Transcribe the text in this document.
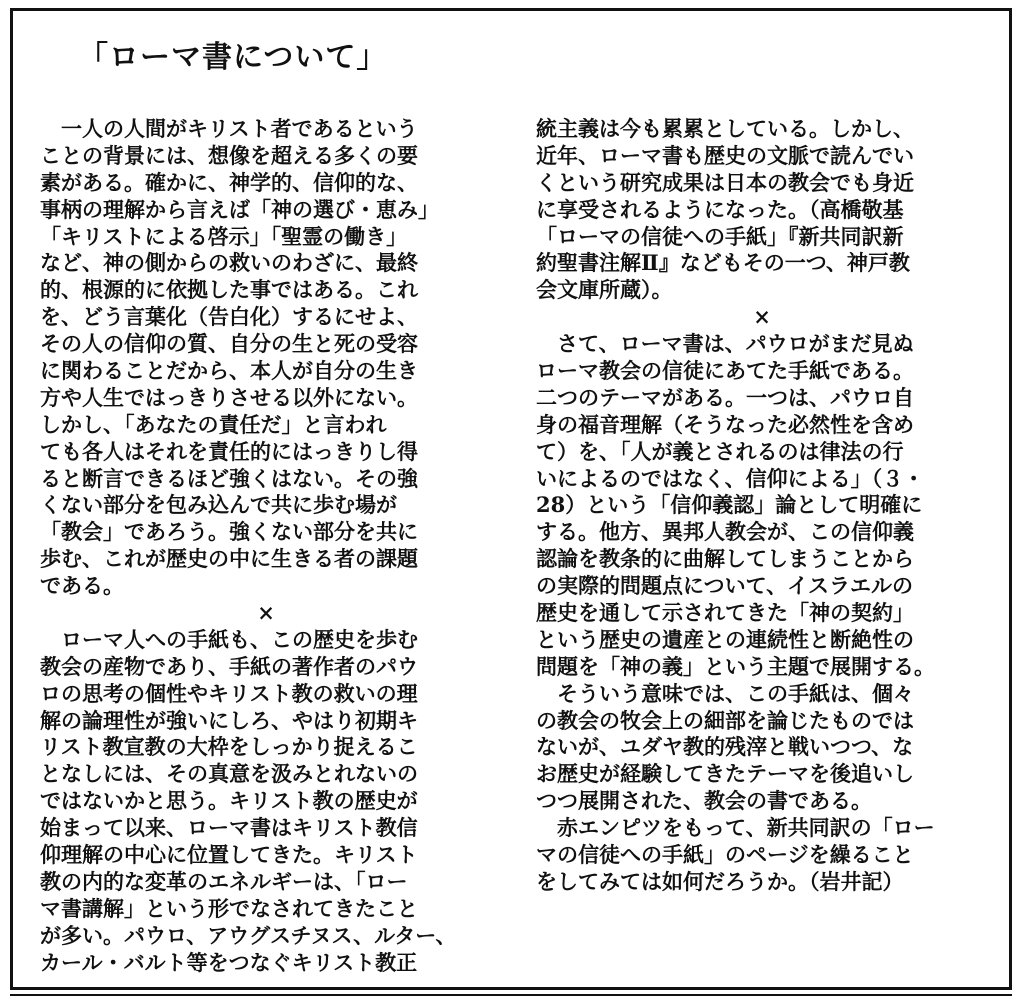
「ローマ書について」
　一人の人間がキリスト者であるという
ことの背景には、想像を超える多くの要
素がある。確かに、神学的、信仰的な、
事柄の理解から言えば「神の選び・恵み」
「キリストによる啓示」「聖霊の働き」
など、神の側からの救いのわざに、最終
的、根源的に依拠した事ではある。これ
を、どう言葉化（告白化）するにせよ、
その人の信仰の質、自分の生と死の受容
に関わることだから、本人が自分の生き
方や人生ではっきりさせる以外にない。
しかし、「あなたの責任だ」と言われ
ても各人はそれを責任的にはっきりし得
ると断言できるほど強くはない。その強
くない部分を包み込んで共に歩む場が
「教会」であろう。強くない部分を共に
歩む、これが歴史の中に生きる者の課題
である。
×
　ローマ人への手紙も、この歴史を歩む
教会の産物であり、手紙の著作者のパウ
ロの思考の個性やキリスト教の救いの理
解の論理性が強いにしろ、やはり初期キ
リスト教宣教の大枠をしっかり捉えるこ
となしには、その真意を汲みとれないの
ではないかと思う。キリスト教の歴史が
始まって以来、ローマ書はキリスト教信
仰理解の中心に位置してきた。キリスト
教の内的な変革のエネルギーは、「ロー
マ書講解」という形でなされてきたこと
が多い。パウロ、アウグスチヌス、ルター、
カール・バルト等をつなぐキリスト教正
統主義は今も累累としている。しかし、
近年、ローマ書も歴史の文脈で読んでい
くという研究成果は日本の教会でも身近
に享受されるようになった。（高橋敬基
「ローマの信徒への手紙」『新共同訳新
約聖書注解Ⅱ』などもその一つ、神戸教
会文庫所蔵）。
×
　さて、ローマ書は、パウロがまだ見ぬ
ローマ教会の信徒にあてた手紙である。
二つのテーマがある。一つは、パウロ自
身の福音理解（そうなった必然性を含め
て）を、「人が義とされるのは律法の行
いによるのではなく、信仰による」（３・
28）という「信仰義認」論として明確に
する。他方、異邦人教会が、この信仰義
認論を教条的に曲解してしまうことから
の実際的問題点について、イスラエルの
歴史を通して示されてきた「神の契約」
という歴史の遺産との連続性と断絶性の
問題を「神の義」という主題で展開する。
　そういう意味では、この手紙は、個々
の教会の牧会上の細部を論じたものでは
ないが、ユダヤ教的残滓と戦いつつ、な
お歴史が経験してきたテーマを後追いし
つつ展開された、教会の書である。
　赤エンピツをもって、新共同訳の「ロー
マの信徒への手紙」のページを繰ること
をしてみては如何だろうか。（岩井記）
